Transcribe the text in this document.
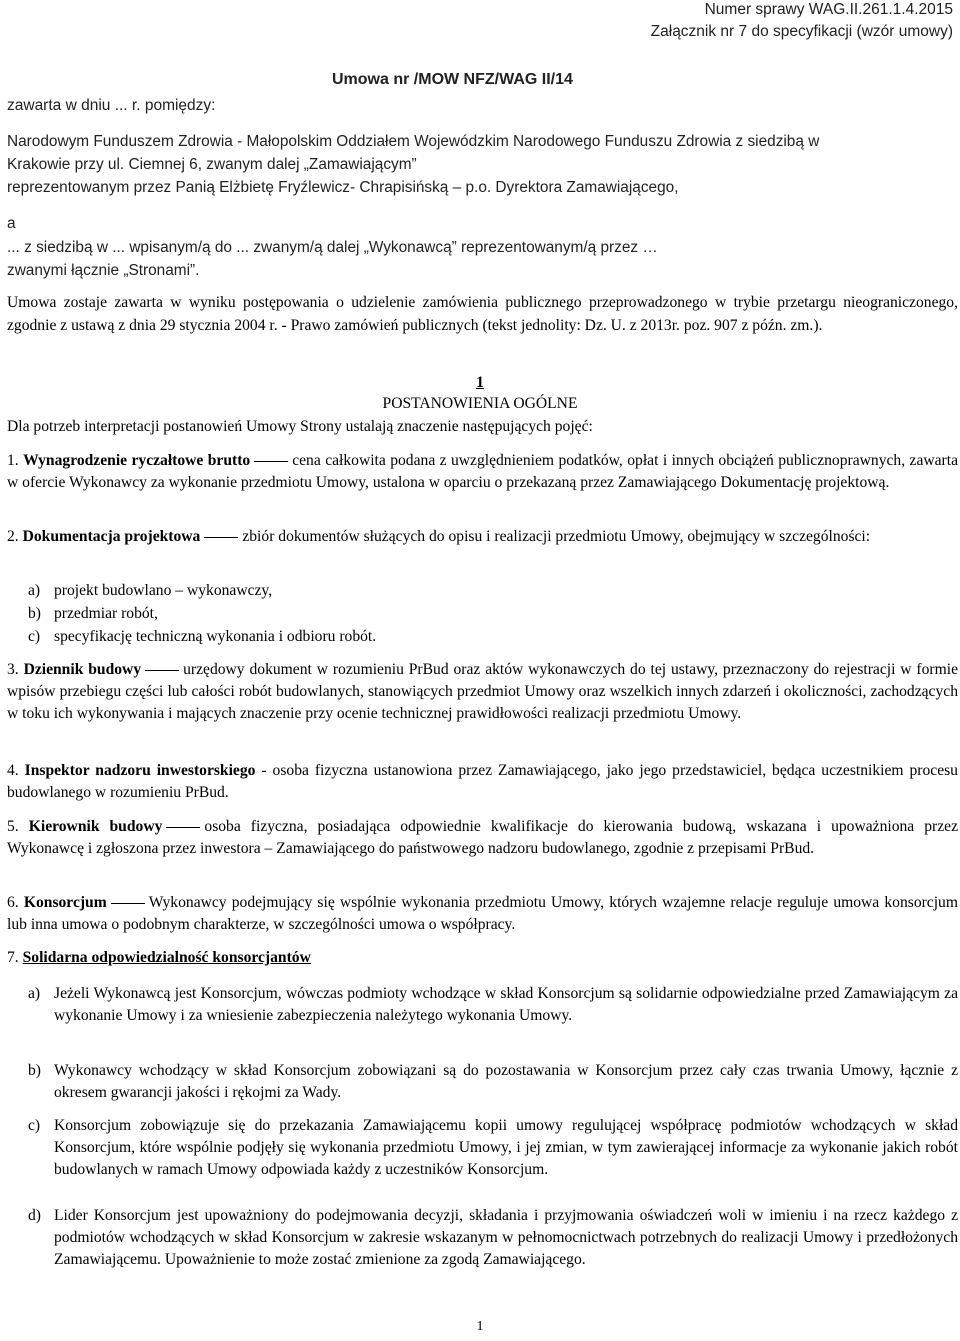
Numer sprawy WAG.II.261.1.4.2015
Załącznik nr 7 do specyfikacji (wzór umowy)
Umowa nr /MOW NFZ/WAG II/14
zawarta w dniu ... r. pomiędzy:
Narodowym Funduszem Zdrowia - Małopolskim Oddziałem Wojewódzkim Narodowego Funduszu Zdrowia z siedzibą w
Krakowie przy ul. Ciemnej 6, zwanym dalej „Zamawiającym”
reprezentowanym przez Panią Elżbietę Fryźlewicz- Chrapisińską – p.o. Dyrektora Zamawiającego,
a
... z siedzibą w ... wpisanym/ą do ... zwanym/ą dalej „Wykonawcą” reprezentowanym/ą przez …
zwanymi łącznie „Stronami”.

Umowa zostaje zawarta w wyniku postępowania o udzielenie zamówienia publicznego przeprowadzonego w trybie przetargu nieograniczonego, zgodnie z ustawą z dnia 29 stycznia 2004 r. - Prawo zamówień publicznych (tekst jednolity: Dz. U. z 2013r. poz. 907 z późn. zm.).

1
POSTANOWIENIA OGÓLNE
Dla potrzeb interpretacji postanowień Umowy Strony ustalają znaczenie następujących pojęć:

1. Wynagrodzenie ryczałtowe brutto	cena całkowita podana z uwzględnieniem podatków, opłat i innych obciążeń publicznoprawnych, zawarta w ofercie Wykonawcy za wykonanie przedmiotu Umowy, ustalona w oparciu o przekazaną przez Zamawiającego Dokumentację projektową.

2. Dokumentacja projektowa	zbiór dokumentów służących do opisu i realizacji przedmiotu Umowy, obejmujący w szczególności:

a) projekt budowlano – wykonawczy,
b) przedmiar robót,
c) specyfikację techniczną wykonania i odbioru robót.

3. Dziennik budowy	urzędowy dokument w rozumieniu PrBud oraz aktów wykonawczych do tej ustawy, przeznaczony do rejestracji w formie wpisów przebiegu części lub całości robót budowlanych, stanowiących przedmiot Umowy oraz wszelkich innych zdarzeń i okoliczności, zachodzących w toku ich wykonywania i mających znaczenie przy ocenie technicznej prawidłowości realizacji przedmiotu Umowy.

4. Inspektor nadzoru inwestorskiego - osoba fizyczna ustanowiona przez Zamawiającego, jako jego przedstawiciel, będąca uczestnikiem procesu budowlanego w rozumieniu PrBud.

5. Kierownik budowy	osoba fizyczna, posiadająca odpowiednie kwalifikacje do kierowania budową, wskazana i upoważniona przez Wykonawcę i zgłoszona przez inwestora – Zamawiającego do państwowego nadzoru budowlanego, zgodnie z przepisami PrBud.

6. Konsorcjum	Wykonawcy podejmujący się wspólnie wykonania przedmiotu Umowy, których wzajemne relacje reguluje umowa konsorcjum lub inna umowa o podobnym charakterze, w szczególności umowa o współpracy.

7. Solidarna odpowiedzialność konsorcjantów

a) Jeżeli Wykonawcą jest Konsorcjum, wówczas podmioty wchodzące w skład Konsorcjum są solidarnie odpowiedzialne przed Zamawiającym za wykonanie Umowy i za wniesienie zabezpieczenia należytego wykonania Umowy.
b) Wykonawcy wchodzący w skład Konsorcjum zobowiązani są do pozostawania w Konsorcjum przez cały czas trwania Umowy, łącznie z okresem gwarancji jakości i rękojmi za Wady.
c) Konsorcjum zobowiązuje się do przekazania Zamawiającemu kopii umowy regulującej współpracę podmiotów wchodzących w skład Konsorcjum, które wspólnie podjęły się wykonania przedmiotu Umowy, i jej zmian, w tym zawierającej informacje za wykonanie jakich robót budowlanych w ramach Umowy odpowiada każdy z uczestników Konsorcjum.
d) Lider Konsorcjum jest upoważniony do podejmowania decyzji, składania i przyjmowania oświadczeń woli w imieniu i na rzecz każdego z podmiotów wchodzących w skład Konsorcjum w zakresie wskazanym w pełnomocnictwach potrzebnych do realizacji Umowy i przedłożonych Zamawiającemu. Upoważnienie to może zostać zmienione za zgodą Zamawiającego.
1
